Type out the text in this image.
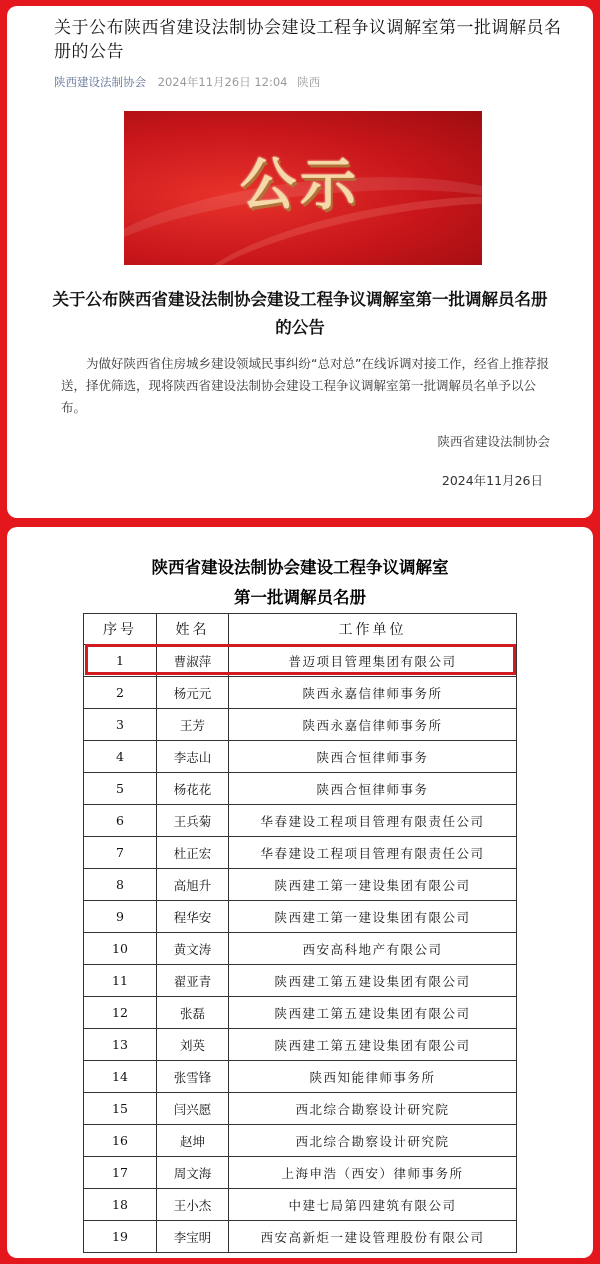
关于公布陕西省建设法制协会建设工程争议调解室第一批调解员名册的公告
陕西建设法制协会 2024年11月26日 12:04 陕西
公示
关于公布陕西省建设法制协会建设工程争议调解室第一批调解员名册的公告
为做好陕西省住房城乡建设领域民事纠纷“总对总”在线诉调对接工作，经省上推荐报送，择优筛选，现将陕西省建设法制协会建设工程争议调解室第一批调解员名单予以公布。
陕西省建设法制协会
2024年11月26日
陕西省建设法制协会建设工程争议调解室
第一批调解员名册
序号	姓名	工作单位
1	曹淑萍	普迈项目管理集团有限公司
2	杨元元	陕西永嘉信律师事务所
3	王芳	陕西永嘉信律师事务所
4	李志山	陕西合恒律师事务
5	杨花花	陕西合恒律师事务
6	王兵菊	华春建设工程项目管理有限责任公司
7	杜正宏	华春建设工程项目管理有限责任公司
8	高旭升	陕西建工第一建设集团有限公司
9	程华安	陕西建工第一建设集团有限公司
10	黄文涛	西安高科地产有限公司
11	翟亚青	陕西建工第五建设集团有限公司
12	张磊	陕西建工第五建设集团有限公司
13	刘英	陕西建工第五建设集团有限公司
14	张雪锋	陕西知能律师事务所
15	闫兴愿	西北综合勘察设计研究院
16	赵坤	西北综合勘察设计研究院
17	周文海	上海申浩（西安）律师事务所
18	王小杰	中建七局第四建筑有限公司
19	李宝明	西安高新炬一建设管理股份有限公司
